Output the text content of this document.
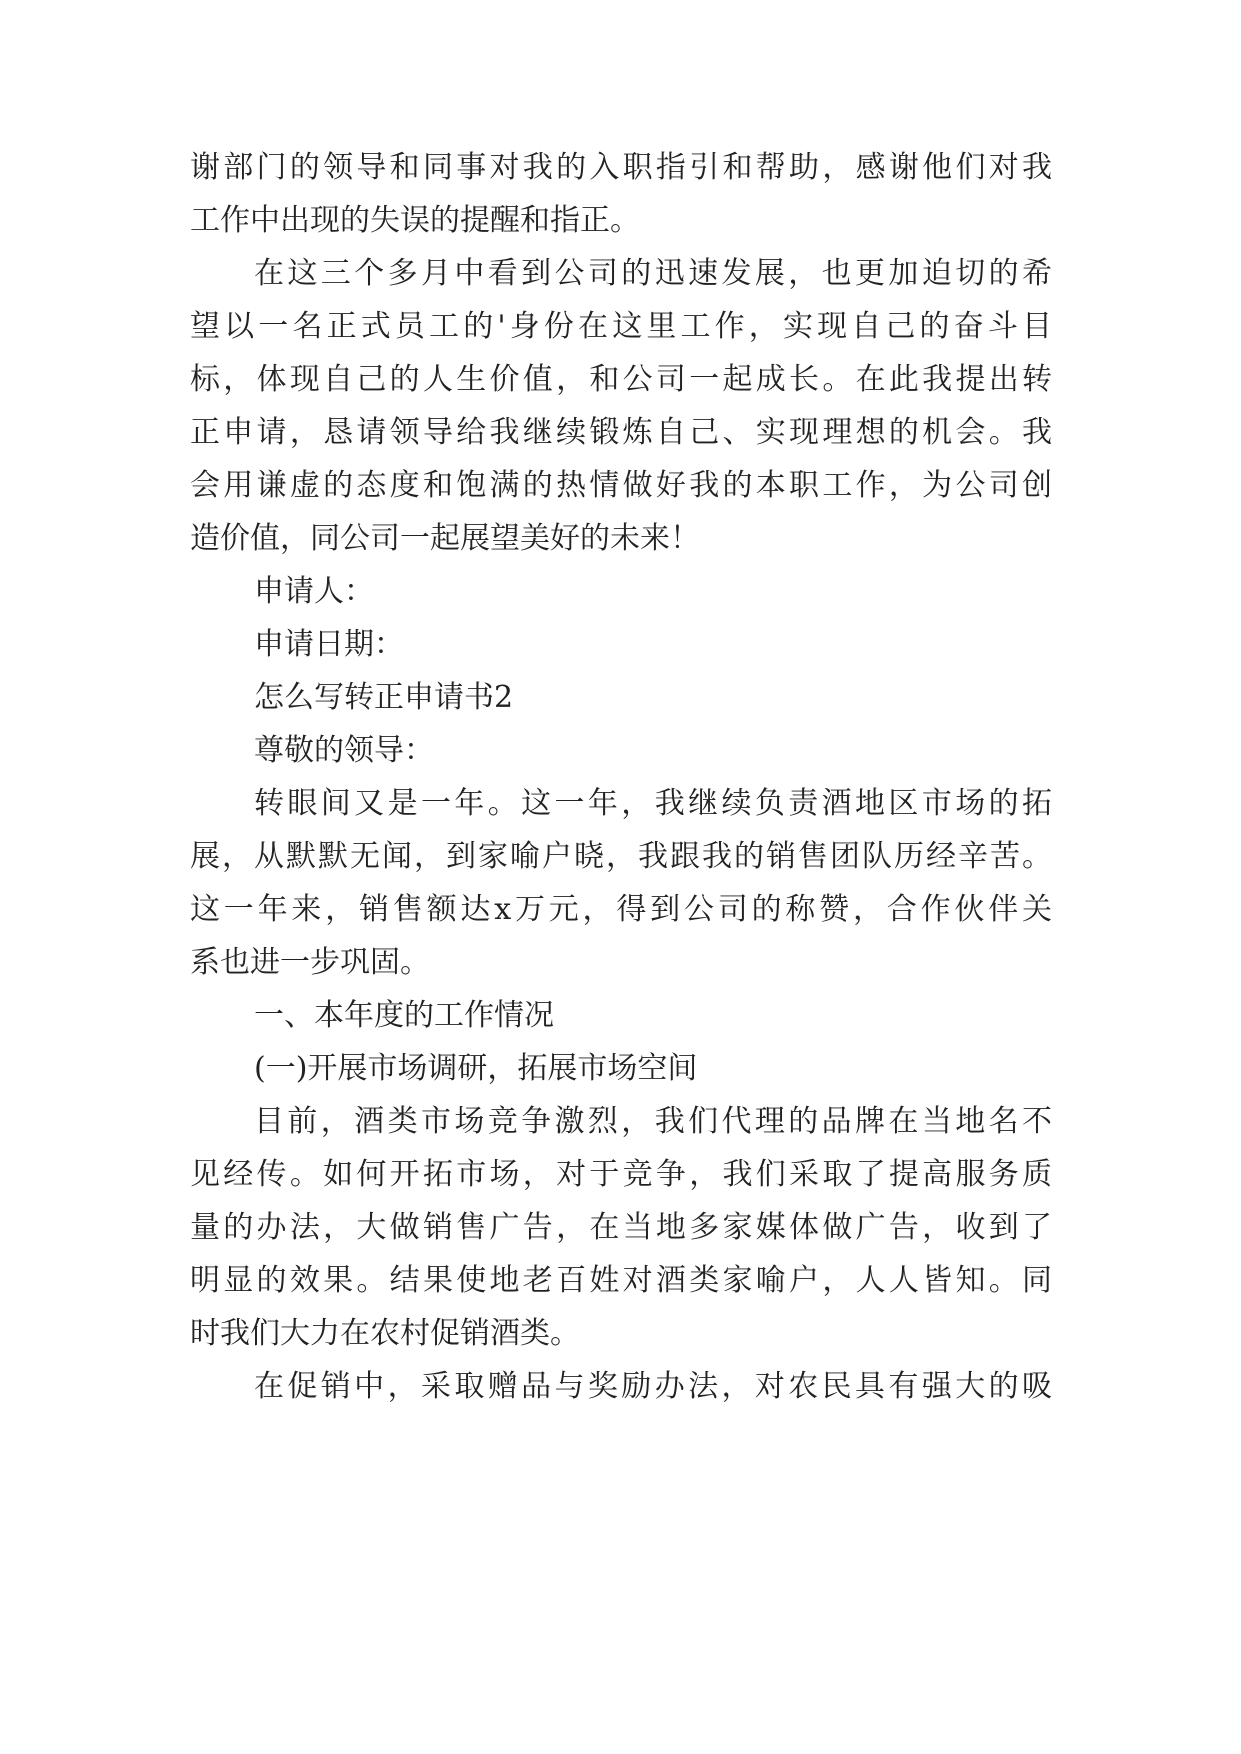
谢部门的领导和同事对我的入职指引和帮助，感谢他们对我
工作中出现的失误的提醒和指正。
在这三个多月中看到公司的迅速发展，也更加迫切的希
望以一名正式员工的'身份在这里工作，实现自己的奋斗目
标，体现自己的人生价值，和公司一起成长。在此我提出转
正申请，恳请领导给我继续锻炼自己、实现理想的机会。我
会用谦虚的态度和饱满的热情做好我的本职工作，为公司创
造价值，同公司一起展望美好的未来！
申请人：
申请日期：
怎么写转正申请书2
尊敬的领导：
转眼间又是一年。这一年，我继续负责酒地区市场的拓
展，从默默无闻，到家喻户晓，我跟我的销售团队历经辛苦。
这一年来，销售额达x万元，得到公司的称赞，合作伙伴关
系也进一步巩固。
一、本年度的工作情况
(一)开展市场调研，拓展市场空间
目前，酒类市场竞争激烈，我们代理的品牌在当地名不
见经传。如何开拓市场，对于竞争，我们采取了提高服务质
量的办法，大做销售广告，在当地多家媒体做广告，收到了
明显的效果。结果使地老百姓对酒类家喻户，人人皆知。同
时我们大力在农村促销酒类。
在促销中，采取赠品与奖励办法，对农民具有强大的吸
